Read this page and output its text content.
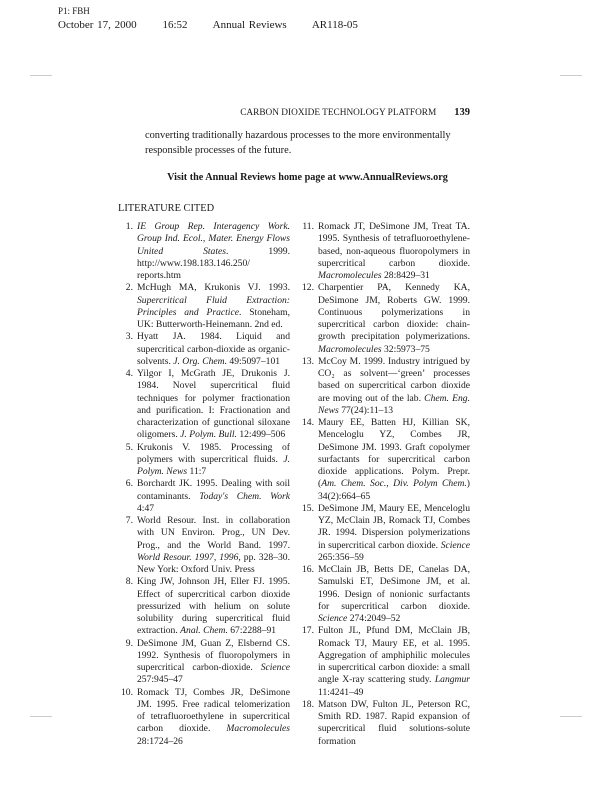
P1: FBH
October 17, 2000 16:52 Annual Reviews AR118-05
CARBON DIOXIDE TECHNOLOGY PLATFORM 139
converting traditionally hazardous processes to the more environmentally responsible processes of the future.
Visit the Annual Reviews home page at www.AnnualReviews.org
LITERATURE CITED
1. IE Group Rep. Interagency Work. Group Ind. Ecol., Mater. Energy Flows United States. 1999. http://www.198.183.146.250/ reports.htm
2. McHugh MA, Krukonis VJ. 1993. Supercritical Fluid Extraction: Principles and Practice. Stoneham, UK: Butterworth-Heinemann. 2nd ed.
3. Hyatt JA. 1984. Liquid and supercritical carbon-dioxide as organic-solvents. J. Org. Chem. 49:5097–101
4. Yilgor I, McGrath JE, Drukonis J. 1984. Novel supercritical fluid techniques for polymer fractionation and purification. I: Fractionation and characterization of gunctional siloxane oligomers. J. Polym. Bull. 12:499–506
5. Krukonis V. 1985. Processing of polymers with supercritical fluids. J. Polym. News 11:7
6. Borchardt JK. 1995. Dealing with soil contaminants. Today's Chem. Work 4:47
7. World Resour. Inst. in collaboration with UN Environ. Prog., UN Dev. Prog., and the World Band. 1997. World Resour. 1997, 1996, pp. 328–30. New York: Oxford Univ. Press
8. King JW, Johnson JH, Eller FJ. 1995. Effect of supercritical carbon dioxide pressurized with helium on solute solubility during supercritical fluid extraction. Anal. Chem. 67:2288–91
9. DeSimone JM, Guan Z, Elsbernd CS. 1992. Synthesis of fluoropolymers in supercritical carbon-dioxide. Science 257:945–47
10. Romack TJ, Combes JR, DeSimone JM. 1995. Free radical telomerization of tetrafluoroethylene in supercritical carbon dioxide. Macromolecules 28:1724–26
11. Romack JT, DeSimone JM, Treat TA. 1995. Synthesis of tetrafluoroethylene-based, non-aqueous fluoropolymers in supercritical carbon dioxide. Macromolecules 28:8429–31
12. Charpentier PA, Kennedy KA, DeSimone JM, Roberts GW. 1999. Continuous polymerizations in supercritical carbon dioxide: chain-growth precipitation polymerizations. Macromolecules 32:5973–75
13. McCoy M. 1999. Industry intrigued by CO₂ as solvent—‘green’ processes based on supercritical carbon dioxide are moving out of the lab. Chem. Eng. News 77(24):11–13
14. Maury EE, Batten HJ, Killian SK, Menceloglu YZ, Combes JR, DeSimone JM. 1993. Graft copolymer surfactants for supercritical carbon dioxide applications. Polym. Prepr. (Am. Chem. Soc., Div. Polym Chem.) 34(2):664–65
15. DeSimone JM, Maury EE, Menceloglu YZ, McClain JB, Romack TJ, Combes JR. 1994. Dispersion polymerizations in supercritical carbon dioxide. Science 265:356–59
16. McClain JB, Betts DE, Canelas DA, Samulski ET, DeSimone JM, et al. 1996. Design of nonionic surfactants for supercritical carbon dioxide. Science 274:2049–52
17. Fulton JL, Pfund DM, McClain JB, Romack TJ, Maury EE, et al. 1995. Aggregation of amphiphilic molecules in supercritical carbon dioxide: a small angle X-ray scattering study. Langmur 11:4241–49
18. Matson DW, Fulton JL, Peterson RC, Smith RD. 1987. Rapid expansion of supercritical fluid solutions-solute formation
